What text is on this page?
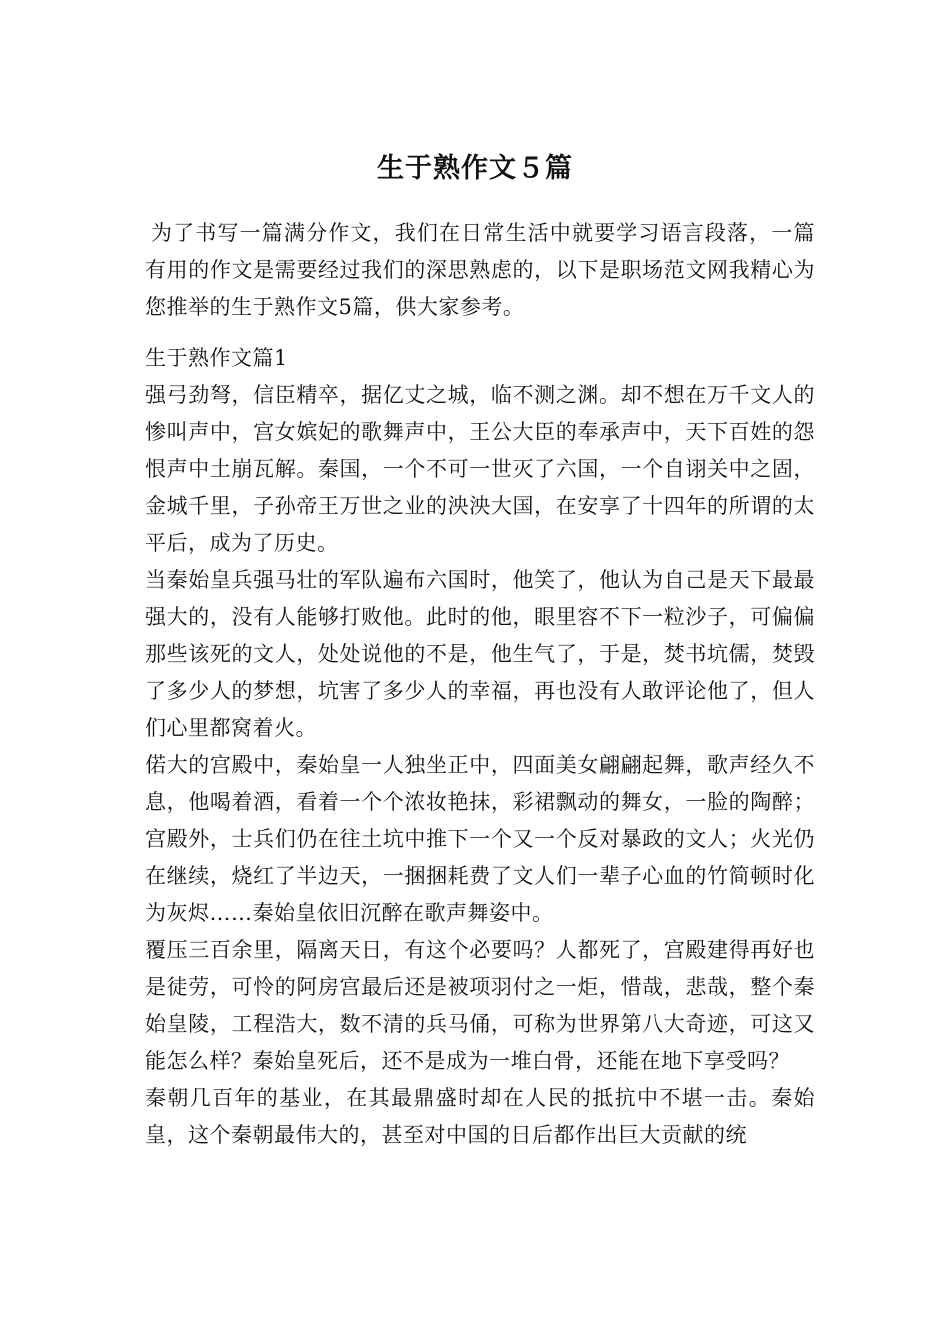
生于熟作文５篇

为了书写一篇满分作文，我们在日常生活中就要学习语言段落，一篇有用的作文是需要经过我们的深思熟虑的，以下是职场范文网我精心为您推举的生于熟作文5篇，供大家参考。

生于熟作文篇1

强弓劲弩，信臣精卒，据亿丈之城，临不测之渊。却不想在万千文人的惨叫声中，宫女嫔妃的歌舞声中，王公大臣的奉承声中，天下百姓的怨恨声中土崩瓦解。秦国，一个不可一世灭了六国，一个自诩关中之固，金城千里，子孙帝王万世之业的泱泱大国，在安享了十四年的所谓的太平后，成为了历史。

当秦始皇兵强马壮的军队遍布六国时，他笑了，他认为自己是天下最最强大的，没有人能够打败他。此时的他，眼里容不下一粒沙子，可偏偏那些该死的文人，处处说他的不是，他生气了，于是，焚书坑儒，焚毁了多少人的梦想，坑害了多少人的幸福，再也没有人敢评论他了，但人们心里都窝着火。

偌大的宫殿中，秦始皇一人独坐正中，四面美女翩翩起舞，歌声经久不息，他喝着酒，看着一个个浓妆艳抹，彩裙飘动的舞女，一脸的陶醉；宫殿外，士兵们仍在往土坑中推下一个又一个反对暴政的文人；火光仍在继续，烧红了半边天，一捆捆耗费了文人们一辈子心血的竹简顿时化为灰烬……秦始皇依旧沉醉在歌声舞姿中。

覆压三百余里，隔离天日，有这个必要吗？人都死了，宫殿建得再好也是徒劳，可怜的阿房宫最后还是被项羽付之一炬，惜哉，悲哉，整个秦始皇陵，工程浩大，数不清的兵马俑，可称为世界第八大奇迹，可这又能怎么样？秦始皇死后，还不是成为一堆白骨，还能在地下享受吗？

秦朝几百年的基业，在其最鼎盛时却在人民的抵抗中不堪一击。秦始皇，这个秦朝最伟大的，甚至对中国的日后都作出巨大贡献的统
